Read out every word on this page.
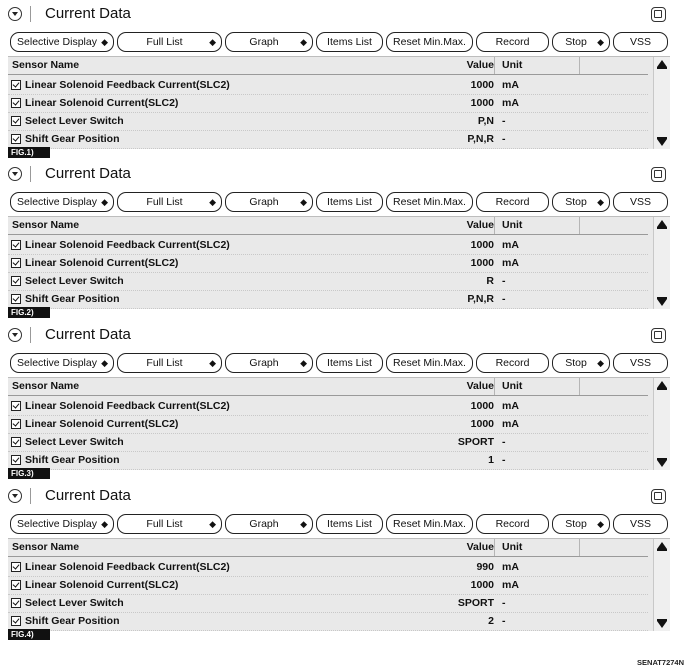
Current Data
Selective Display ◆	Full List	◆	Graph ◆	Items List	Reset Min.Max.	Record	Stop ◆	VSS
Sensor Name	Value Unit
Linear Solenoid Feedback Current(SLC2)	1000 mA
Linear Solenoid Current(SLC2)	1000 mA
Select Lever Switch	P,N -
Shift Gear Position	P,N,R -
FIG.1)
Current Data
Selective Display ◆	Full List	◆	Graph ◆	Items List	Reset Min.Max.	Record	Stop ◆	VSS
Sensor Name	Value Unit
Linear Solenoid Feedback Current(SLC2)	1000 mA
Linear Solenoid Current(SLC2)	1000 mA
Select Lever Switch	R -
Shift Gear Position	P,N,R -
FIG.2)
Current Data
Selective Display ◆	Full List	◆	Graph ◆	Items List	Reset Min.Max.	Record	Stop ◆	VSS
Sensor Name	Value Unit
Linear Solenoid Feedback Current(SLC2)	1000 mA
Linear Solenoid Current(SLC2)	1000 mA
Select Lever Switch	SPORT -
Shift Gear Position	1 -
FIG.3)
Current Data
Selective Display ◆	Full List	◆	Graph ◆	Items List	Reset Min.Max.	Record	Stop ◆	VSS
Sensor Name	Value Unit
Linear Solenoid Feedback Current(SLC2)	990 mA
Linear Solenoid Current(SLC2)	1000 mA
Select Lever Switch	SPORT -
Shift Gear Position	2 -
FIG.4)
SENAT7274N
